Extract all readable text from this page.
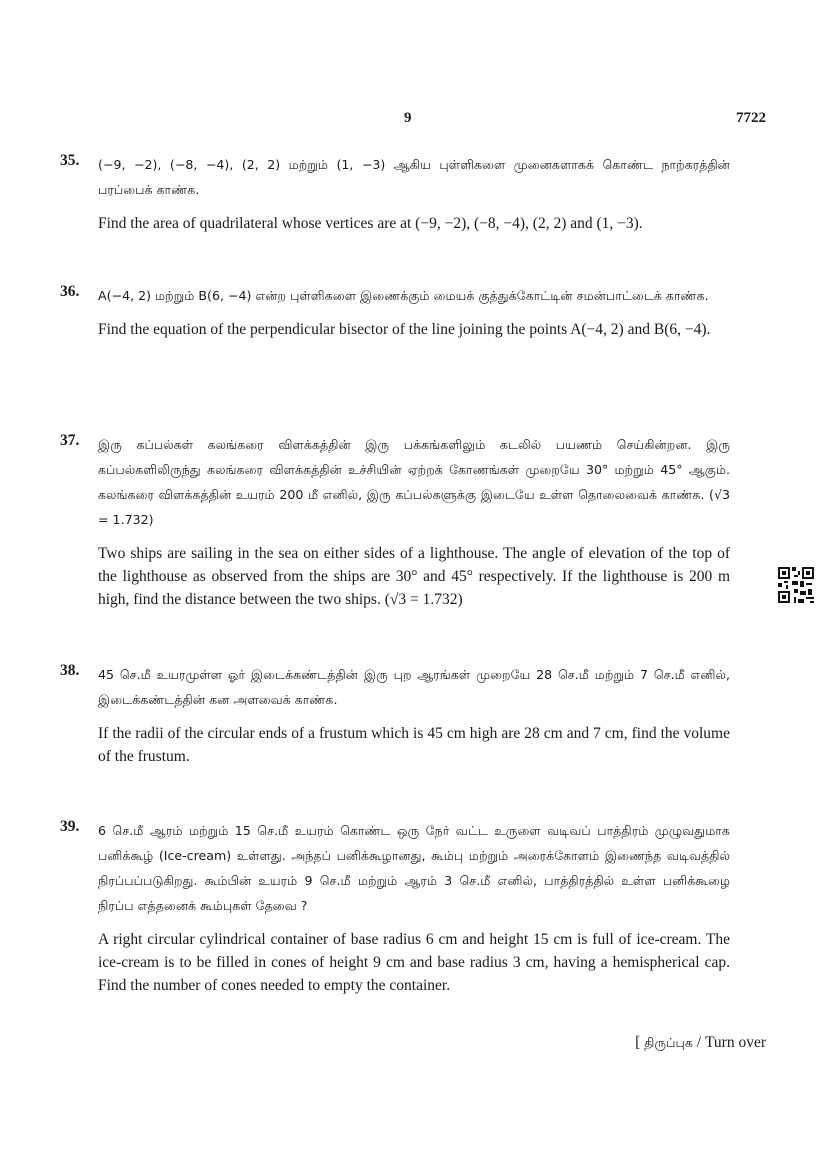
9	7722
35. (−9, −2), (−8, −4), (2, 2) மற்றும் (1, −3) ஆகிய புள்ளிகளை முனைகளாகக் கொண்ட நாற்கரத்தின் பரப்பைக் காண்க.

Find the area of quadrilateral whose vertices are at (−9, −2), (−8, −4), (2, 2) and (1, −3).

36. A(−4, 2) மற்றும் B(6, −4) என்ற புள்ளிகளை இணைக்கும் மையக் குத்துக்கோட்டின் சமன்பாட்டைக் காண்க.

Find the equation of the perpendicular bisector of the line joining the points A(−4, 2) and B(6, −4).

37. இரு கப்பல்கள் கலங்கரை விளக்கத்தின் இரு பக்கங்களிலும் கடலில் பயணம் செய்கின்றன. இரு கப்பல்களிலிருந்து கலங்கரை விளக்கத்தின் உச்சியின் ஏற்றக் கோணங்கள் முறையே 30° மற்றும் 45° ஆகும். கலங்கரை விளக்கத்தின் உயரம் 200 மீ எனில், இரு கப்பல்களுக்கு இடையே உள்ள தொலைவைக் காண்க. (√3 = 1.732)

Two ships are sailing in the sea on either sides of a lighthouse. The angle of elevation of the top of the lighthouse as observed from the ships are 30° and 45° respectively. If the lighthouse is 200 m high, find the distance between the two ships. (√3 = 1.732)

38. 45 செ.மீ உயரமுள்ள ஓர் இடைக்கண்டத்தின் இரு புற ஆரங்கள் முறையே 28 செ.மீ மற்றும் 7 செ.மீ எனில், இடைக்கண்டத்தின் கன அளவைக் காண்க.

If the radii of the circular ends of a frustum which is 45 cm high are 28 cm and 7 cm, find the volume of the frustum.

39. 6 செ.மீ ஆரம் மற்றும் 15 செ.மீ உயரம் கொண்ட ஒரு நேர் வட்ட உருளை வடிவப் பாத்திரம் முழுவதுமாக பனிக்கூழ் (Ice-cream) உள்ளது. அந்தப் பனிக்கூழானது, கூம்பு மற்றும் அரைக்கோளம் இணைந்த வடிவத்தில் நிரப்பப்படுகிறது. கூம்பின் உயரம் 9 செ.மீ மற்றும் ஆரம் 3 செ.மீ எனில், பாத்திரத்தில் உள்ள பனிக்கூழை நிரப்ப எத்தனைக் கூம்புகள் தேவை ?

A right circular cylindrical container of base radius 6 cm and height 15 cm is full of ice-cream. The ice-cream is to be filled in cones of height 9 cm and base radius 3 cm, having a hemispherical cap. Find the number of cones needed to empty the container.

[ திருப்புக / Turn over
